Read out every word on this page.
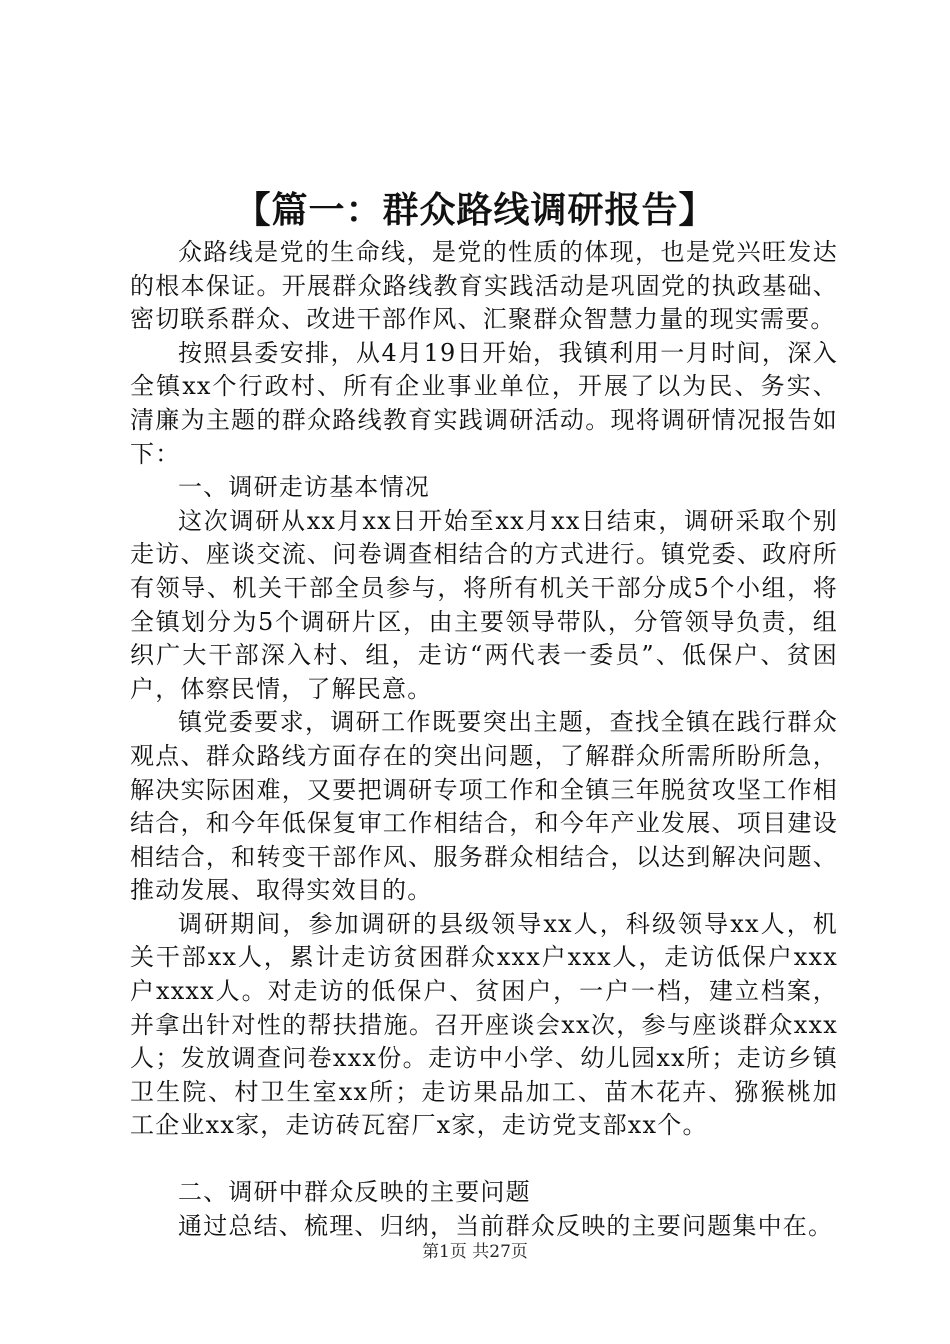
【篇一：群众路线调研报告】

众路线是党的生命线，是党的性质的体现，也是党兴旺发达的根本保证。开展群众路线教育实践活动是巩固党的执政基础、密切联系群众、改进干部作风、汇聚群众智慧力量的现实需要。

按照县委安排，从4月19日开始，我镇利用一月时间，深入全镇xx个行政村、所有企业事业单位，开展了以为民、务实、清廉为主题的群众路线教育实践调研活动。现将调研情况报告如下：

一、调研走访基本情况

这次调研从xx月xx日开始至xx月xx日结束，调研采取个别走访、座谈交流、问卷调查相结合的方式进行。镇党委、政府所有领导、机关干部全员参与，将所有机关干部分成5个小组，将全镇划分为5个调研片区，由主要领导带队，分管领导负责，组织广大干部深入村、组，走访“两代表一委员”、低保户、贫困户，体察民情，了解民意。

镇党委要求，调研工作既要突出主题，查找全镇在践行群众观点、群众路线方面存在的突出问题，了解群众所需所盼所急，解决实际困难，又要把调研专项工作和全镇三年脱贫攻坚工作相结合，和今年低保复审工作相结合，和今年产业发展、项目建设相结合，和转变干部作风、服务群众相结合，以达到解决问题、推动发展、取得实效目的。

调研期间，参加调研的县级领导xx人，科级领导xx人，机关干部xx人，累计走访贫困群众xxx户xxx人，走访低保户xxx户xxxx人。对走访的低保户、贫困户，一户一档，建立档案，并拿出针对性的帮扶措施。召开座谈会xx次，参与座谈群众xxx人；发放调查问卷xxx份。走访中小学、幼儿园xx所；走访乡镇卫生院、村卫生室xx所；走访果品加工、苗木花卉、猕猴桃加工企业xx家，走访砖瓦窑厂x家，走访党支部xx个。

二、调研中群众反映的主要问题

通过总结、梳理、归纳，当前群众反映的主要问题集中在。

第1页 共27页
